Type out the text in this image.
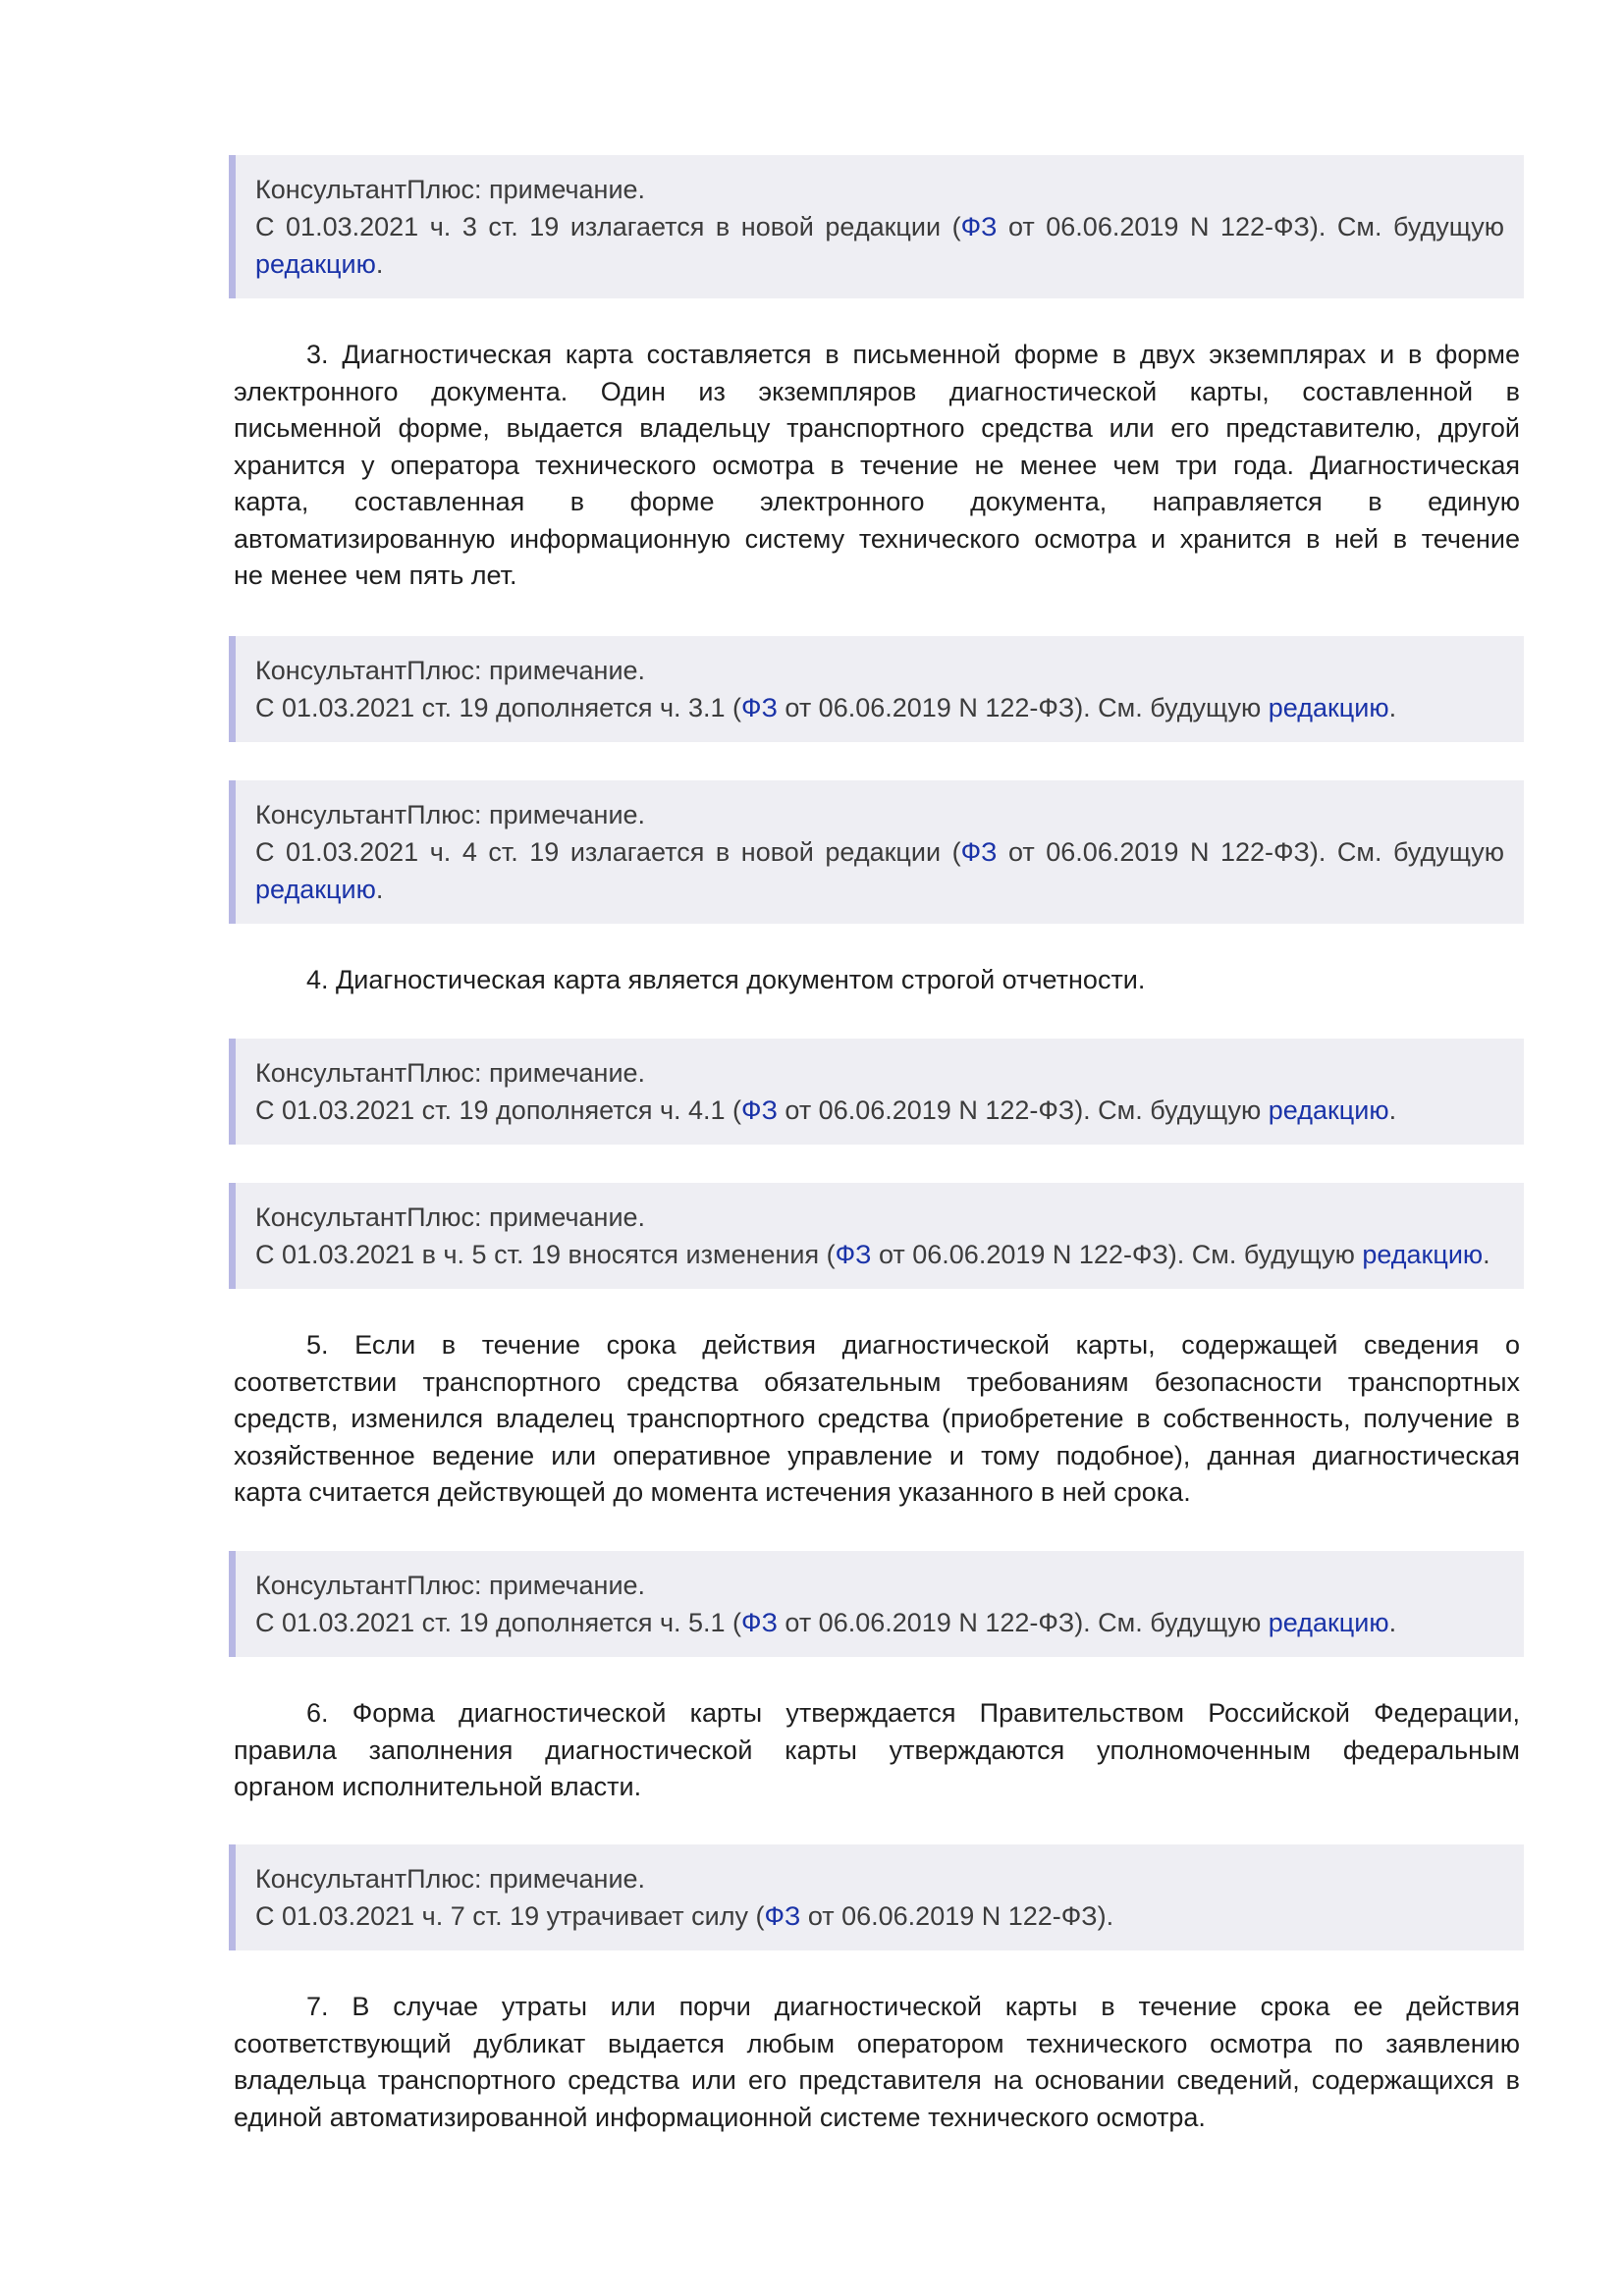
КонсультантПлюс: примечание.
С 01.03.2021 ч. 3 ст. 19 излагается в новой редакции (ФЗ от 06.06.2019 N 122-ФЗ). См. будущую
редакцию.
3. Диагностическая карта составляется в письменной форме в двух экземплярах и в форме
электронного документа. Один из экземпляров диагностической карты, составленной в
письменной форме, выдается владельцу транспортного средства или его представителю, другой
хранится у оператора технического осмотра в течение не менее чем три года. Диагностическая
карта, составленная в форме электронного документа, направляется в единую
автоматизированную информационную систему технического осмотра и хранится в ней в течение
не менее чем пять лет.
КонсультантПлюс: примечание.
С 01.03.2021 ст. 19 дополняется ч. 3.1 (ФЗ от 06.06.2019 N 122-ФЗ). См. будущую редакцию.
КонсультантПлюс: примечание.
С 01.03.2021 ч. 4 ст. 19 излагается в новой редакции (ФЗ от 06.06.2019 N 122-ФЗ). См. будущую
редакцию.
4. Диагностическая карта является документом строгой отчетности.
КонсультантПлюс: примечание.
С 01.03.2021 ст. 19 дополняется ч. 4.1 (ФЗ от 06.06.2019 N 122-ФЗ). См. будущую редакцию.
КонсультантПлюс: примечание.
С 01.03.2021 в ч. 5 ст. 19 вносятся изменения (ФЗ от 06.06.2019 N 122-ФЗ). См. будущую редакцию.
5. Если в течение срока действия диагностической карты, содержащей сведения о
соответствии транспортного средства обязательным требованиям безопасности транспортных
средств, изменился владелец транспортного средства (приобретение в собственность, получение в
хозяйственное ведение или оперативное управление и тому подобное), данная диагностическая
карта считается действующей до момента истечения указанного в ней срока.
КонсультантПлюс: примечание.
С 01.03.2021 ст. 19 дополняется ч. 5.1 (ФЗ от 06.06.2019 N 122-ФЗ). См. будущую редакцию.
6. Форма диагностической карты утверждается Правительством Российской Федерации,
правила заполнения диагностической карты утверждаются уполномоченным федеральным
органом исполнительной власти.
КонсультантПлюс: примечание.
С 01.03.2021 ч. 7 ст. 19 утрачивает силу (ФЗ от 06.06.2019 N 122-ФЗ).
7. В случае утраты или порчи диагностической карты в течение срока ее действия
соответствующий дубликат выдается любым оператором технического осмотра по заявлению
владельца транспортного средства или его представителя на основании сведений, содержащихся в
единой автоматизированной информационной системе технического осмотра.
